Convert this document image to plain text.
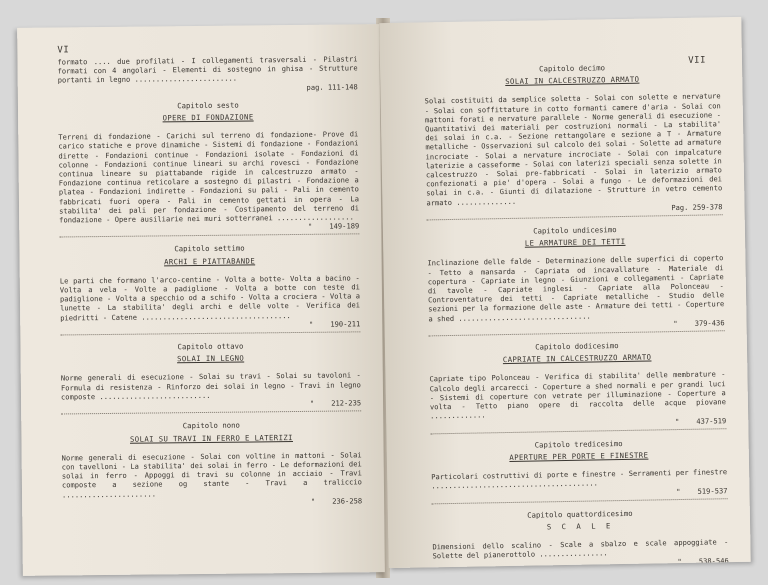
VI
formato .... due profilati - I collegamenti trasversali - Pilastri formati con 4 angolari - Elementi di sostegno in ghisa - Strutture portanti in legno ........................
pag. 111-148
Capitolo sesto
OPERE DI FONDAZIONE
Terreni di fondazione - Carichi sul terreno di fondazione- Prove di carico statiche e prove dinamiche - Sistemi di fondazione - Fondazioni dirette - Fondazioni continue - Fondazioni isolate - Fondazioni di colonne - Fondazioni continue lineari su archi rovesci - Fondazione continua lineare su piattabande rigide in calcestruzzo armato - Fondazione continua reticolare a sostegno di pilastri - Fondazione a platea - Fondazioni indirette - Fondazioni su pali - Pali in cemento fabbricati fuori opera - Pali in cemento gettati in opera - La stabilita' dei pali per fondazione - Costipamento del terreno di fondazione - Opere ausiliarie nei muri sotterranei ..................
"    149-189
Capitolo settimo
ARCHI E PIATTABANDE
Le parti che formano l'arco-centine - Volta a botte- Volta a bacino - Volta a vela - Volte a padiglione - Volta a botte con teste di padiglione - Volta a specchio od a schifo - Volta a crociera - Volta a lunette - La stabilita' degli archi e delle volte - Verifica dei piedritti - Catene ...................................
"    190-211
Capitolo ottavo
SOLAI IN LEGNO
Norme generali di esecuzione - Solai su travi - Solai su tavoloni - Formula di resistenza - Rinforzo dei solai in legno - Travi in legno composte ..........................
"    212-235
Capitolo nono
SOLAI SU TRAVI IN FERRO E LATERIZI
Norme generali di esecuzione - Solai con voltine in mattoni - Solai con tavelloni - La stabilita' dei solai in ferro - Le deformazioni dei solai in ferro - Appoggi di travi su colonne in acciaio - Travi composte a sezione og stante - Travi a traliccio ......................
"    236-258
VII
Capitolo decimo
SOLAI IN CALCESTRUZZO ARMATO
Solai costituiti da semplice soletta - Solai con solette e nervature - Solai con soffittature in cotto formanti camere d'aria - Solai con mattoni forati e nervature parallele - Norme generali di esecuzione - Quantitativi dei materiali per costruzioni normali - La stabilita' dei solai in c.a. - Sezione rettangolare e sezione a T - Armature metalliche - Osservazioni sul calcolo dei solai - Solette ad armature incrociate - Solai a nervature incrociate - Solai con impalcature laterizie a casseforme - Solai con laterizi speciali senza solette in calcestruzzo - Solai pre-fabbricati - Solai in laterizio armato confezionati a pie' d'opera - Solai a fungo - Le deformazioni dei solai in c.a. - Giunti di dilatazione - Strutture in vetro cemento armato ..............	Pag. 259-378
Capitolo undicesimo
LE ARMATURE DEI TETTI
Inclinazione delle falde - Determinazione delle superfici di coperto - Tetto a mansarda - Capriata od incavallature - Materiale di copertura - Capriate in legno - Giunzioni e collegamenti - Capriate di tavole - Capriate inglesi - Capriate alla Polonceau - Controventature dei tetti - Capriate metalliche - Studio delle sezioni per la formazione delle aste - Armature dei tetti - Coperture a shed ...............................	"    379-436
Capitolo dodicesimo
CAPRIATE IN CALCESTRUZZO ARMATO
Capriate tipo Polonceau - Verifica di stabilita' delle membrature - Calcolo degli arcarecci - Coperture a shed normali e per grandi luci - Sistemi di coperture con vetrate per illuminazione - Coperture a volta - Tetto piano opere di raccolta delle acque piovane .............	"    437-519
Capitolo tredicesimo
APERTURE PER PORTE E FINESTRE
Particolari costruttivi di porte e finestre - Serramenti per finestre .......................................	"    519-537
Capitolo quattordicesimo
S C A L E
Dimensioni dello scalino - Scale a sbalzo e scale appoggiate - Solette del pianerottolo ................	"    538-546
